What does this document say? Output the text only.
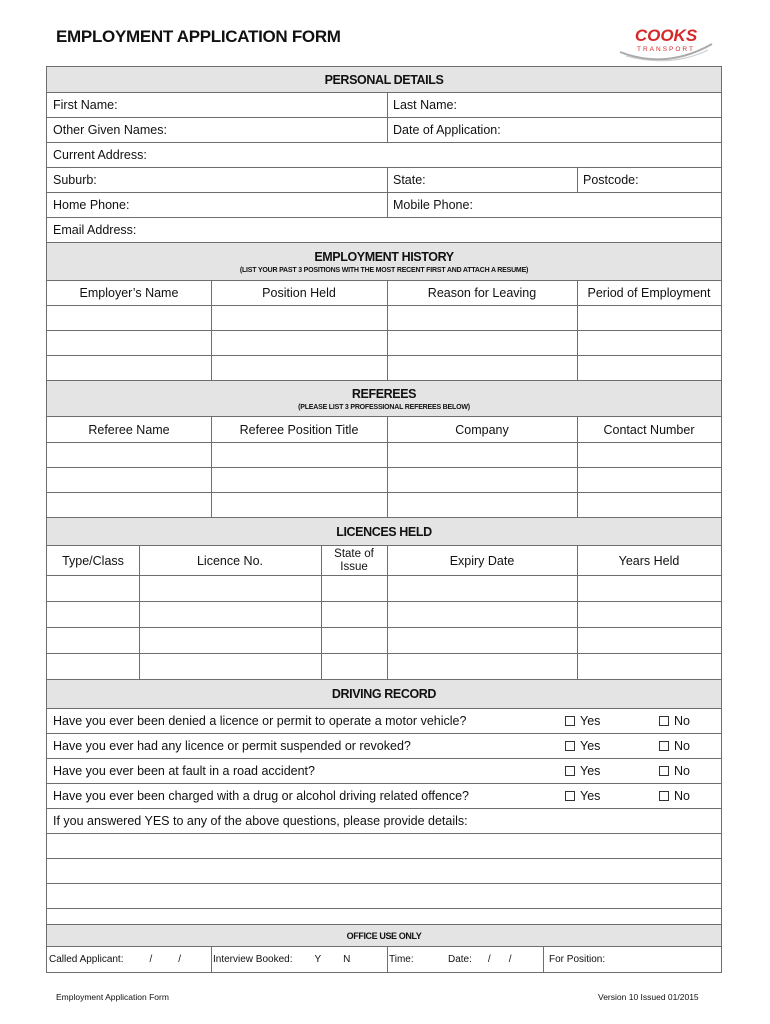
EMPLOYMENT APPLICATION FORM	COOKS
TRANSPORT
PERSONAL DETAILS
First Name:	Last Name:
Other Given Names:	Date of Application:
Current Address:
Suburb:	State:	Postcode:
Home Phone:	Mobile Phone:
Email Address:
EMPLOYMENT HISTORY
(LIST YOUR PAST 3 POSITIONS WITH THE MOST RECENT FIRST AND ATTACH A RESUME)
Employer’s Name	Position Held	Reason for Leaving	Period of Employment
REFEREES
(PLEASE LIST 3 PROFESSIONAL REFEREES BELOW)
Referee Name	Referee Position Title	Company	Contact Number
LICENCES HELD
Type/Class	Licence No.	State of Issue	Expiry Date	Years Held
DRIVING RECORD
Have you ever been denied a licence or permit to operate a motor vehicle?	Yes	No
Have you ever had any licence or permit suspended or revoked?	Yes	No
Have you ever been at fault in a road accident?	Yes	No
Have you ever been charged with a drug or alcohol driving related offence?	Yes	No
If you answered YES to any of the above questions, please provide details:
OFFICE USE ONLY
Called Applicant:	/	/	Interview Booked: Y N	Time:	Date: / /	For Position:
Employment Application Form	Version 10 Issued 01/2015
